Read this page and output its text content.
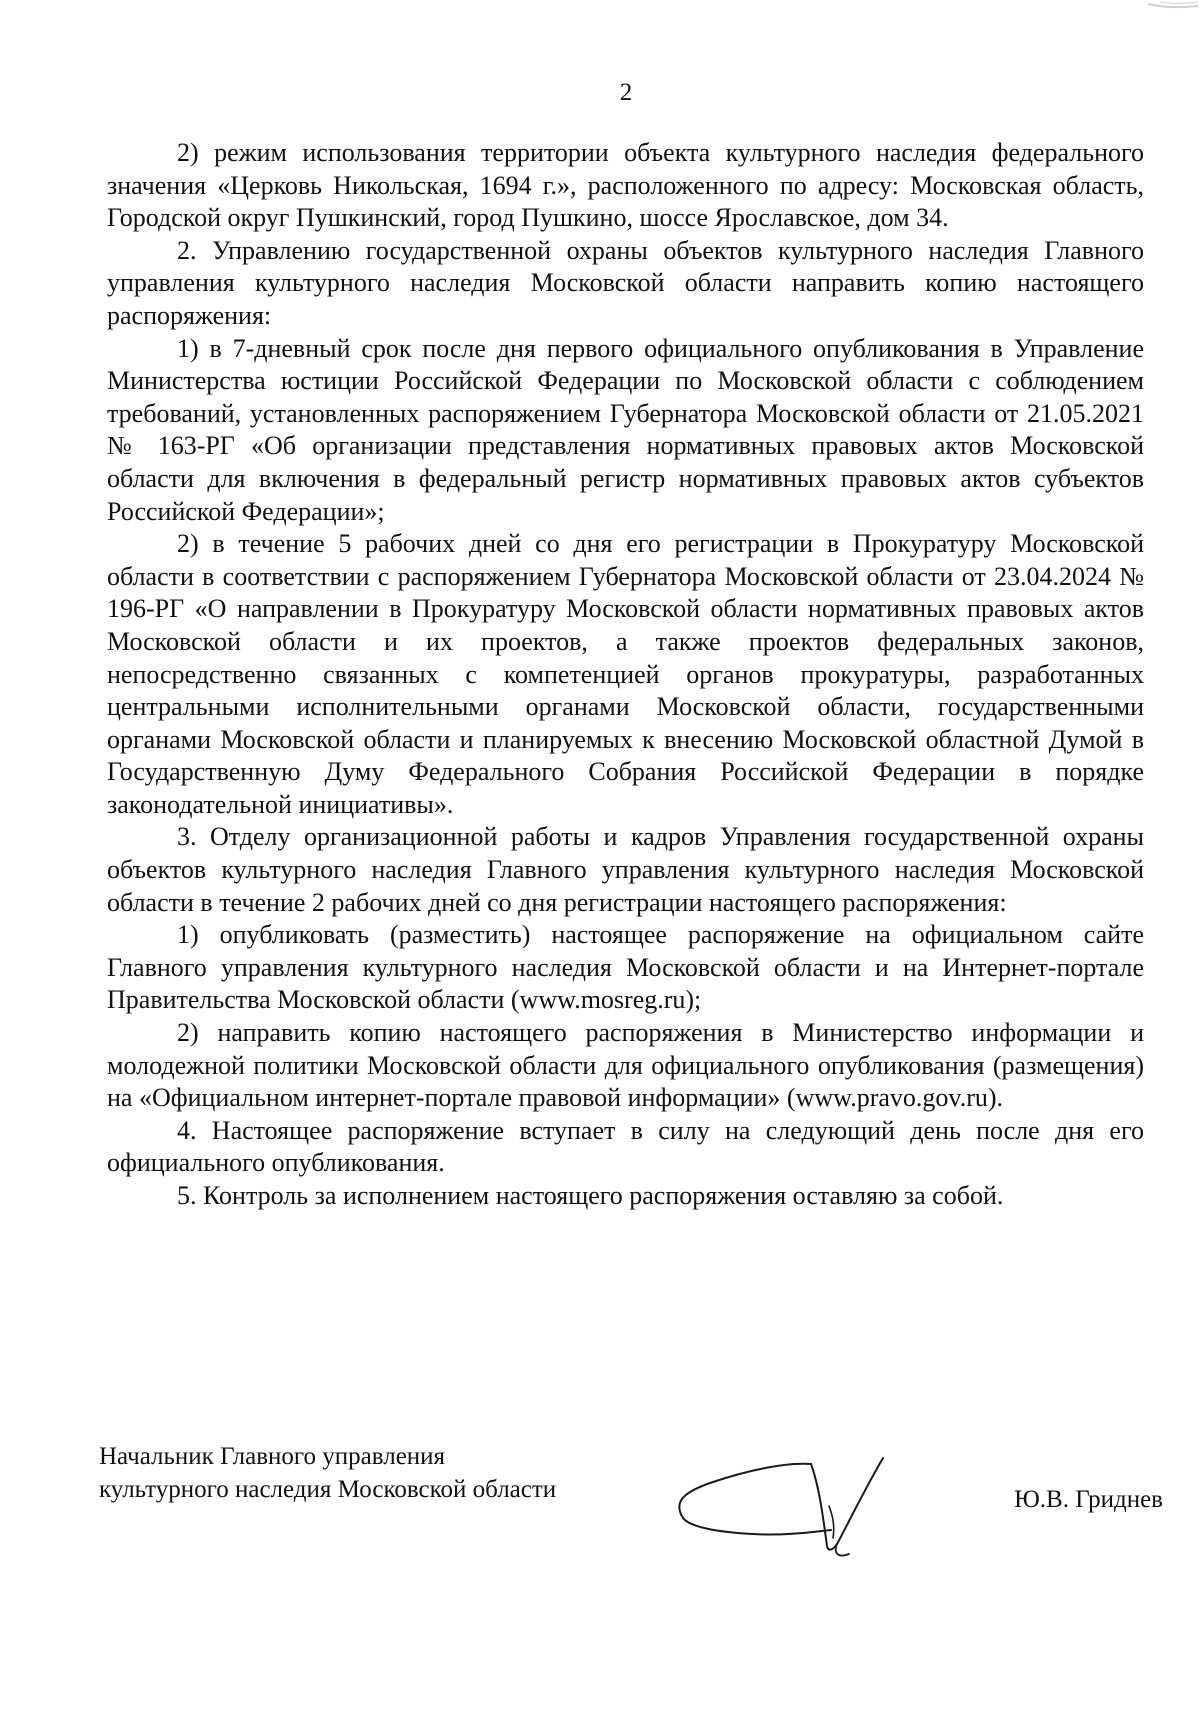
2

2) режим использования территории объекта культурного наследия федерального значения «Церковь Никольская, 1694 г.», расположенного по адресу: Московская область, Городской округ Пушкинский, город Пушкино, шоссе Ярославское, дом 34.

2. Управлению государственной охраны объектов культурного наследия Главного управления культурного наследия Московской области направить копию настоящего распоряжения:

1) в 7-дневный срок после дня первого официального опубликования в Управление Министерства юстиции Российской Федерации по Московской области с соблюдением требований, установленных распоряжением Губернатора Московской области от 21.05.2021 № 163-РГ «Об организации представления нормативных правовых актов Московской области для включения в федеральный регистр нормативных правовых актов субъектов Российской Федерации»;

2) в течение 5 рабочих дней со дня его регистрации в Прокуратуру Московской области в соответствии с распоряжением Губернатора Московской области от 23.04.2024 № 196-РГ «О направлении в Прокуратуру Московской области нормативных правовых актов Московской области и их проектов, а также проектов федеральных законов, непосредственно связанных с компетенцией органов прокуратуры, разработанных центральными исполнительными органами Московской области, государственными органами Московской области и планируемых к внесению Московской областной Думой в Государственную Думу Федерального Собрания Российской Федерации в порядке законодательной инициативы».

3. Отделу организационной работы и кадров Управления государственной охраны объектов культурного наследия Главного управления культурного наследия Московской области в течение 2 рабочих дней со дня регистрации настоящего распоряжения:

1) опубликовать (разместить) настоящее распоряжение на официальном сайте Главного управления культурного наследия Московской области и на Интернет-портале Правительства Московской области (www.mosreg.ru);

2) направить копию настоящего распоряжения в Министерство информации и молодежной политики Московской области для официального опубликования (размещения) на «Официальном интернет-портале правовой информации» (www.pravo.gov.ru).

4. Настоящее распоряжение вступает в силу на следующий день после дня его официального опубликования.

5. Контроль за исполнением настоящего распоряжения оставляю за собой.

Начальник Главного управления
культурного наследия Московской области	Ю.В. Гриднев
